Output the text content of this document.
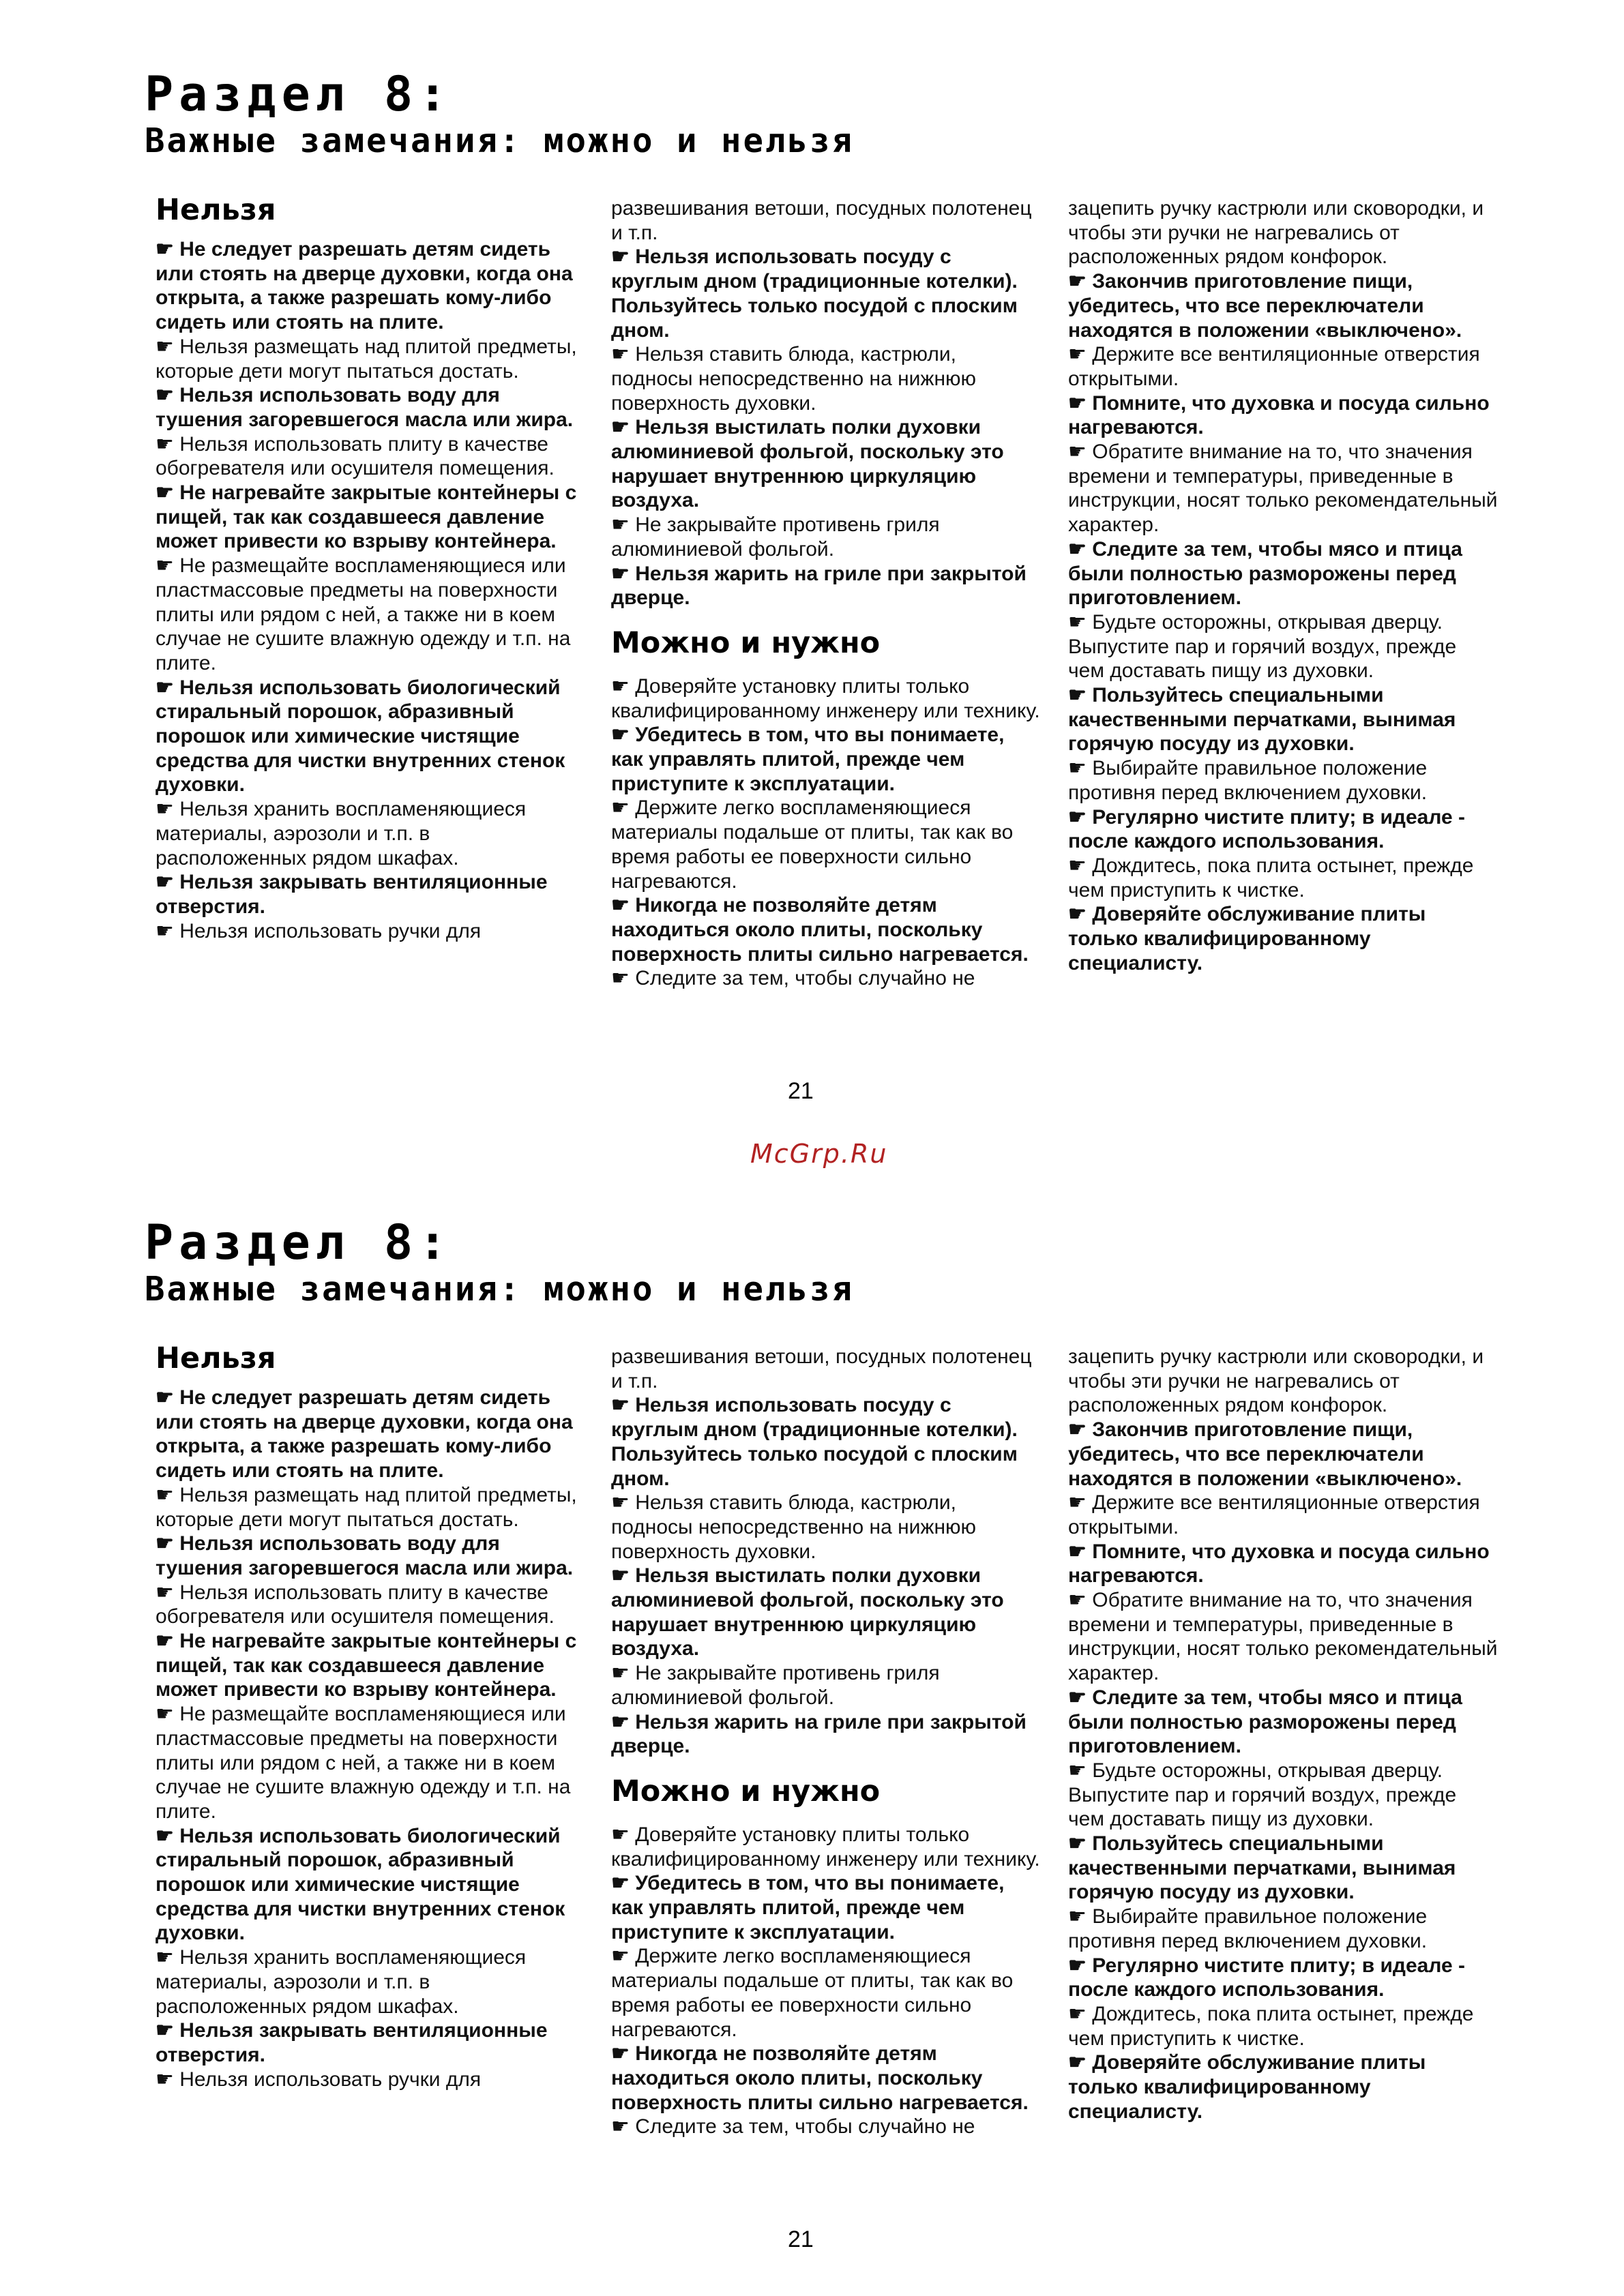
Раздел 8:
Важные замечания: можно и нельзя
Нельзя

☛ Не следует разрешать детям сидеть или стоять на дверце духовки, когда она открыта, а также разрешать кому-либо сидеть или стоять на плите.

☛ Нельзя размещать над плитой предметы, которые дети могут пытаться достать.

☛ Нельзя использовать воду для тушения загоревшегося масла или жира.

☛ Нельзя использовать плиту в качестве обогревателя или осушителя помещения.

☛ Не нагревайте закрытые контейнеры с пищей, так как создавшееся давление может привести ко взрыву контейнера.

☛ Не размещайте воспламеняющиеся или пластмассовые предметы на поверхности плиты или рядом с ней, а также ни в коем случае не сушите влажную одежду и т.п. на плите.

☛ Нельзя использовать биологический стиральный порошок, абразивный порошок или химические чистящие средства для чистки внутренних стенок духовки.

☛ Нельзя хранить воспламеняющиеся материалы, аэрозоли и т.п. в расположенных рядом шкафах.

☛ Нельзя закрывать вентиляционные отверстия.

☛ Нельзя использовать ручки для

развешивания ветоши, посудных полотенец и т.п.

☛ Нельзя использовать посуду с круглым дном (традиционные котелки). Пользуйтесь только посудой с плоским дном.

☛ Нельзя ставить блюда, кастрюли, подносы непосредственно на нижнюю поверхность духовки.

☛ Нельзя выстилать полки духовки алюминиевой фольгой, поскольку это нарушает внутреннюю циркуляцию воздуха.

☛ Не закрывайте противень гриля алюминиевой фольгой.

☛ Нельзя жарить на гриле при закрытой дверце.

Можно и нужно

☛ Доверяйте установку плиты только квалифицированному инженеру или технику.

☛ Убедитесь в том, что вы понимаете, как управлять плитой, прежде чем приступите к эксплуатации.

☛ Держите легко воспламеняющиеся материалы подальше от плиты, так как во время работы ее поверхности сильно нагреваются.

☛ Никогда не позволяйте детям находиться около плиты, поскольку поверхность плиты сильно нагревается.

☛ Следите за тем, чтобы случайно не

зацепить ручку кастрюли или сковородки, и чтобы эти ручки не нагревались от расположенных рядом конфорок.

☛ Закончив приготовление пищи, убедитесь, что все переключатели находятся в положении «выключено».

☛ Держите все вентиляционные отверстия открытыми.

☛ Помните, что духовка и посуда сильно нагреваются.

☛ Обратите внимание на то, что значения времени и температуры, приведенные в инструкции, носят только рекомендательный характер.

☛ Следите за тем, чтобы мясо и птица были полностью разморожены перед приготовлением.

☛ Будьте осторожны, открывая дверцу. Выпустите пар и горячий воздух, прежде чем доставать пищу из духовки.

☛ Пользуйтесь специальными качественными перчатками, вынимая горячую посуду из духовки.

☛ Выбирайте правильное положение противня перед включением духовки.

☛ Регулярно чистите плиту; в идеале - после каждого использования.

☛ Дождитесь, пока плита остынет, прежде чем приступить к чистке.

☛ Доверяйте обслуживание плиты только квалифицированному специалисту.

21

McGrp.Ru

Раздел 8:
Важные замечания: можно и нельзя
Нельзя

☛ Не следует разрешать детям сидеть или стоять на дверце духовки, когда она открыта, а также разрешать кому-либо сидеть или стоять на плите.

☛ Нельзя размещать над плитой предметы, которые дети могут пытаться достать.

☛ Нельзя использовать воду для тушения загоревшегося масла или жира.

☛ Нельзя использовать плиту в качестве обогревателя или осушителя помещения.

☛ Не нагревайте закрытые контейнеры с пищей, так как создавшееся давление может привести ко взрыву контейнера.

☛ Не размещайте воспламеняющиеся или пластмассовые предметы на поверхности плиты или рядом с ней, а также ни в коем случае не сушите влажную одежду и т.п. на плите.

☛ Нельзя использовать биологический стиральный порошок, абразивный порошок или химические чистящие средства для чистки внутренних стенок духовки.

☛ Нельзя хранить воспламеняющиеся материалы, аэрозоли и т.п. в расположенных рядом шкафах.

☛ Нельзя закрывать вентиляционные отверстия.

☛ Нельзя использовать ручки для

развешивания ветоши, посудных полотенец и т.п.

☛ Нельзя использовать посуду с круглым дном (традиционные котелки). Пользуйтесь только посудой с плоским дном.

☛ Нельзя ставить блюда, кастрюли, подносы непосредственно на нижнюю поверхность духовки.

☛ Нельзя выстилать полки духовки алюминиевой фольгой, поскольку это нарушает внутреннюю циркуляцию воздуха.

☛ Не закрывайте противень гриля алюминиевой фольгой.

☛ Нельзя жарить на гриле при закрытой дверце.

Можно и нужно

☛ Доверяйте установку плиты только квалифицированному инженеру или технику.

☛ Убедитесь в том, что вы понимаете, как управлять плитой, прежде чем приступите к эксплуатации.

☛ Держите легко воспламеняющиеся материалы подальше от плиты, так как во время работы ее поверхности сильно нагреваются.

☛ Никогда не позволяйте детям находиться около плиты, поскольку поверхность плиты сильно нагревается.

☛ Следите за тем, чтобы случайно не

зацепить ручку кастрюли или сковородки, и чтобы эти ручки не нагревались от расположенных рядом конфорок.

☛ Закончив приготовление пищи, убедитесь, что все переключатели находятся в положении «выключено».

☛ Держите все вентиляционные отверстия открытыми.

☛ Помните, что духовка и посуда сильно нагреваются.

☛ Обратите внимание на то, что значения времени и температуры, приведенные в инструкции, носят только рекомендательный характер.

☛ Следите за тем, чтобы мясо и птица были полностью разморожены перед приготовлением.

☛ Будьте осторожны, открывая дверцу. Выпустите пар и горячий воздух, прежде чем доставать пищу из духовки.

☛ Пользуйтесь специальными качественными перчатками, вынимая горячую посуду из духовки.

☛ Выбирайте правильное положение противня перед включением духовки.

☛ Регулярно чистите плиту; в идеале - после каждого использования.

☛ Дождитесь, пока плита остынет, прежде чем приступить к чистке.

☛ Доверяйте обслуживание плиты только квалифицированному специалисту.

21
